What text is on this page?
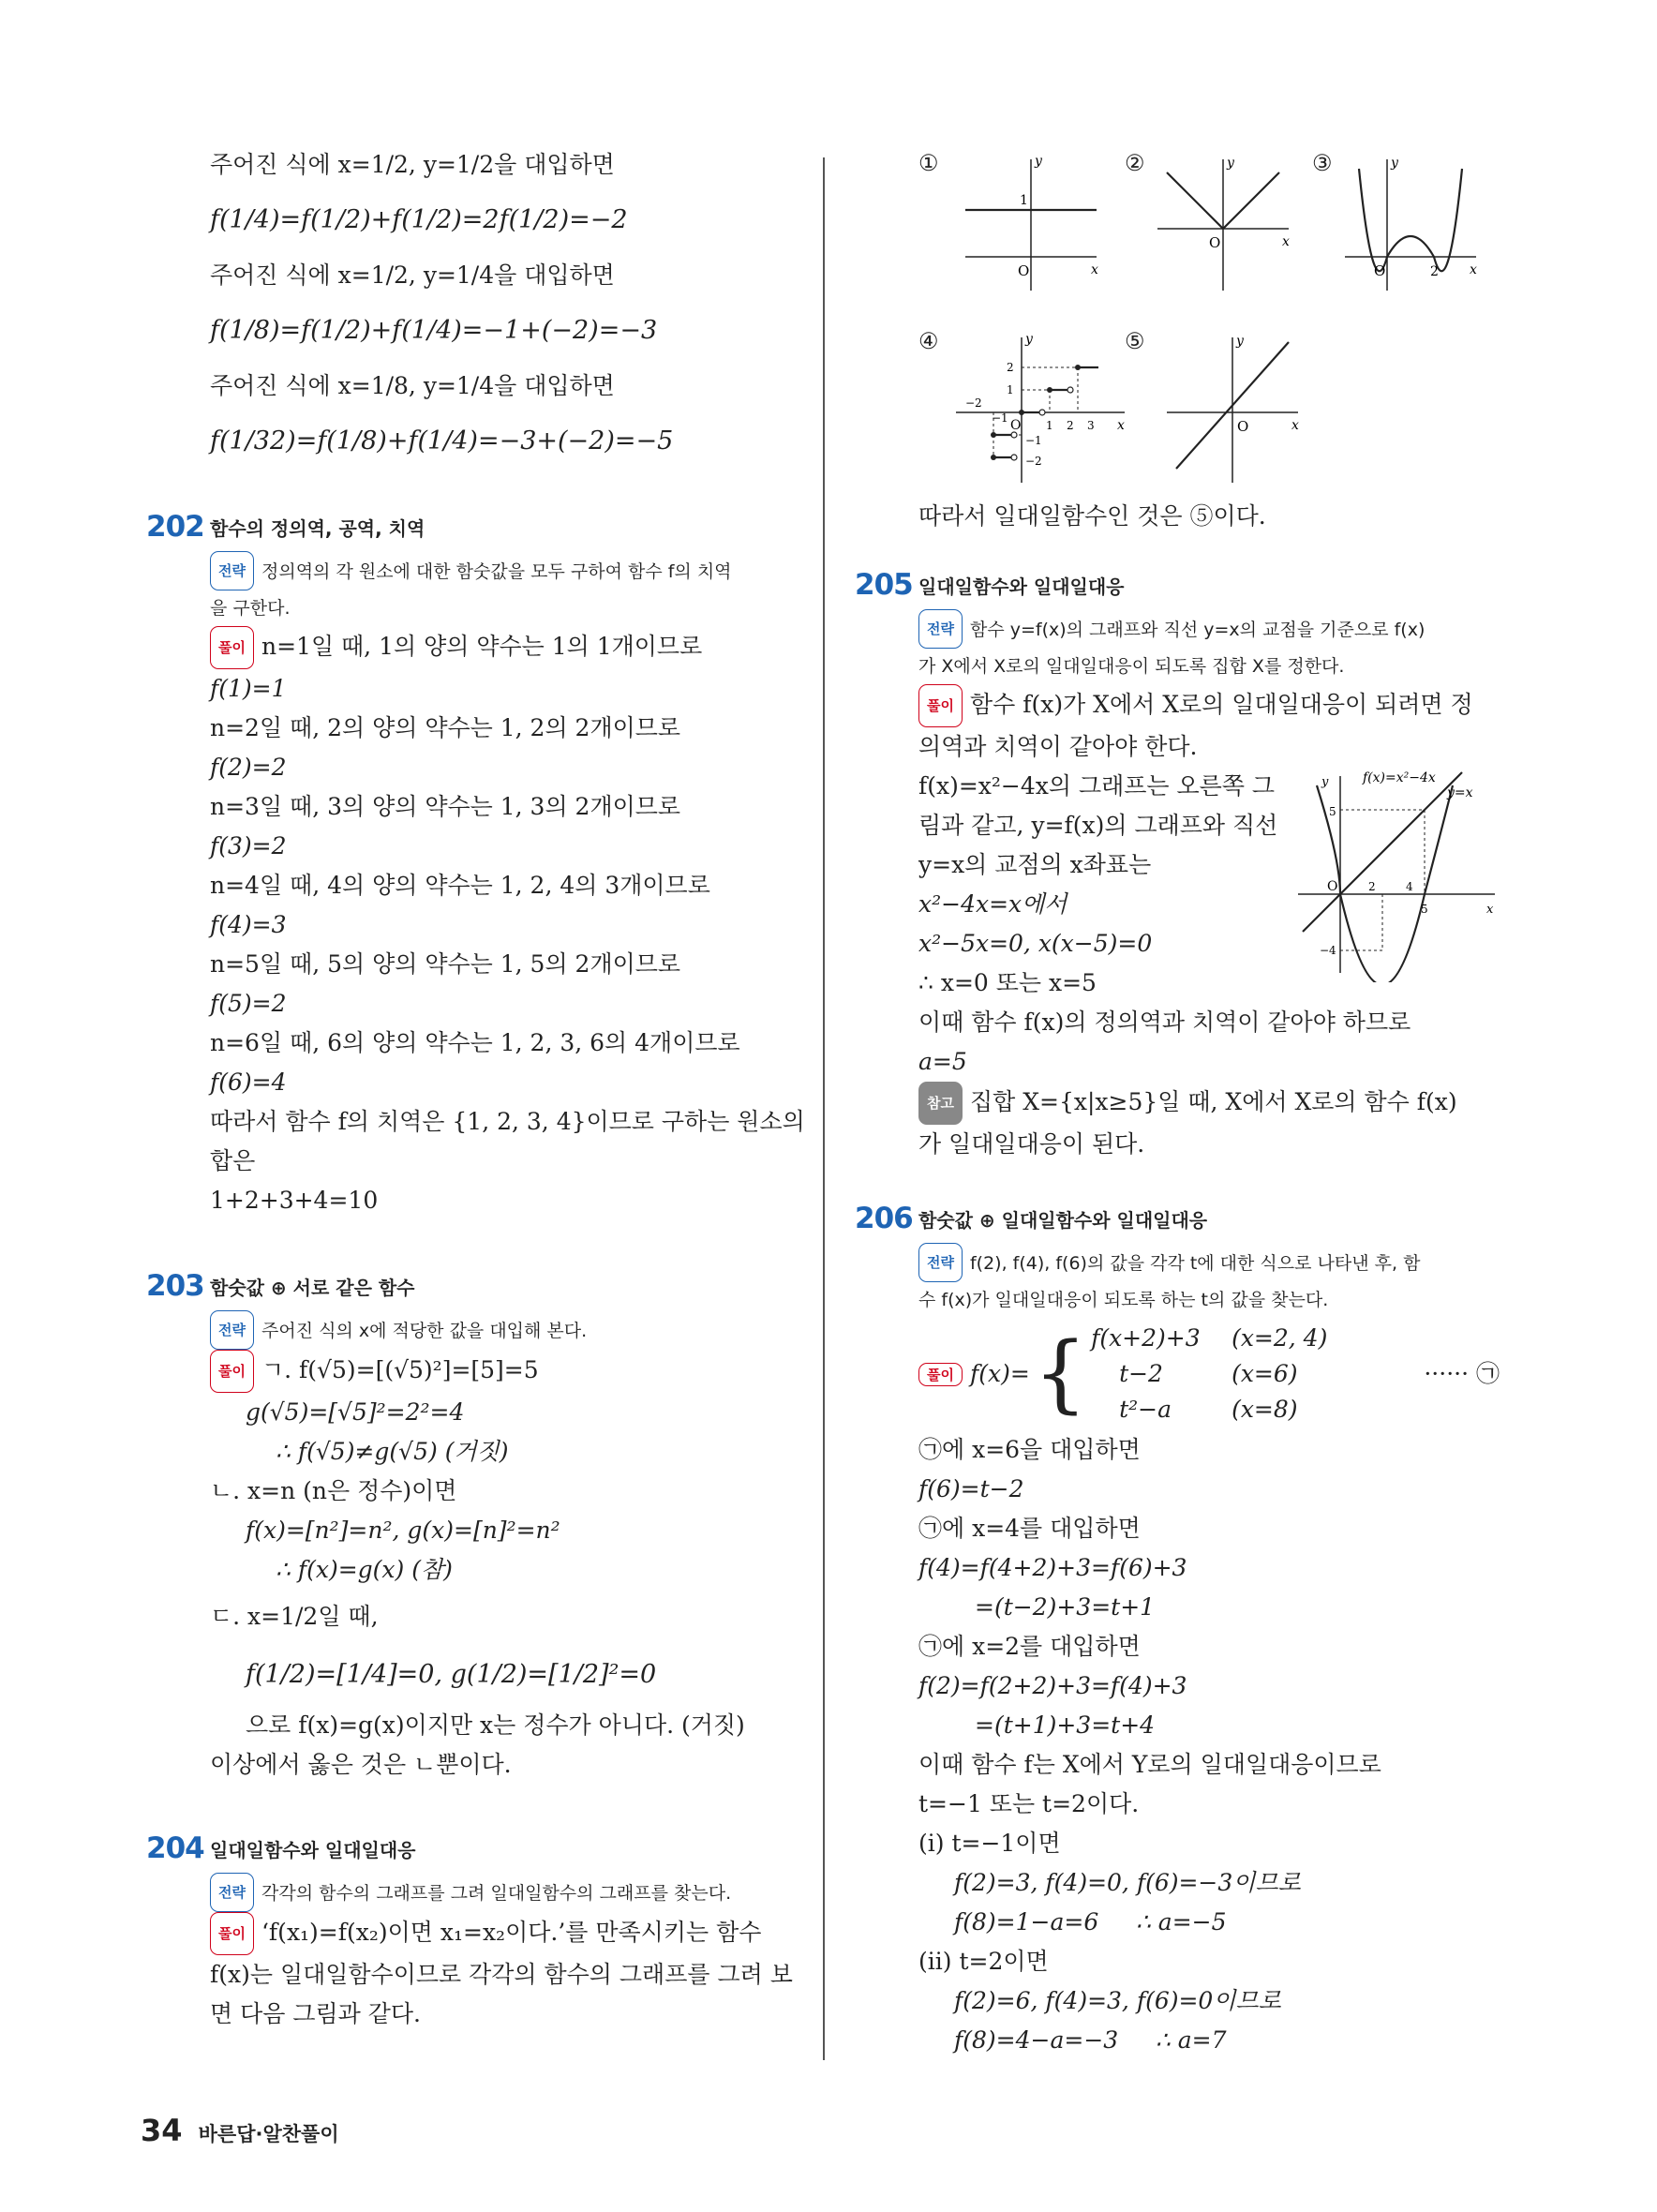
주어진 식에 x=1/2, y=1/2을 대입하면
f(1/4)=f(1/2)+f(1/2)=2f(1/2)=−2
주어진 식에 x=1/2, y=1/4을 대입하면
f(1/8)=f(1/2)+f(1/4)=−1+(−2)=−3
주어진 식에 x=1/8, y=1/4을 대입하면
f(1/32)=f(1/8)+f(1/4)=−3+(−2)=−5
202 함수의 정의역, 공역, 치역
전략 정의역의 각 원소에 대한 함숫값을 모두 구하여 함수 f의 치역
을 구한다.
풀이 n=1일 때, 1의 양의 약수는 1의 1개이므로
f(1)=1
n=2일 때, 2의 양의 약수는 1, 2의 2개이므로
f(2)=2
n=3일 때, 3의 양의 약수는 1, 3의 2개이므로
f(3)=2
n=4일 때, 4의 양의 약수는 1, 2, 4의 3개이므로
f(4)=3
n=5일 때, 5의 양의 약수는 1, 5의 2개이므로
f(5)=2
n=6일 때, 6의 양의 약수는 1, 2, 3, 6의 4개이므로
f(6)=4
따라서 함수 f의 치역은 {1, 2, 3, 4}이므로 구하는 원소의
합은
1+2+3+4=10
203 함숫값 ⊕ 서로 같은 함수
전략 주어진 식의 x에 적당한 값을 대입해 본다.
풀이 ㄱ. f(√5)=[(√5)²]=[5]=5
g(√5)=[√5]²=2²=4
∴ f(√5)≠g(√5) (거짓)
ㄴ. x=n (n은 정수)이면
f(x)=[n²]=n², g(x)=[n]²=n²
∴ f(x)=g(x) (참)
ㄷ. x=1/2일 때,
f(1/2)=[1/4]=0, g(1/2)=[1/2]²=0
으로 f(x)=g(x)이지만 x는 정수가 아니다. (거짓)
이상에서 옳은 것은 ㄴ뿐이다.
204 일대일함수와 일대일대응
전략 각각의 함수의 그래프를 그려 일대일함수의 그래프를 찾는다.
풀이 ‘f(x₁)=f(x₂)이면 x₁=x₂이다.’를 만족시키는 함수
f(x)는 일대일함수이므로 각각의 함수의 그래프를 그려 보
면 다음 그림과 같다.
①	②	③
④	⑤
y
x
O
1
y
x
O
y
x
O	2
y
x
O
−2
−1
1 2 3
2
1
−1
−2
y
x
O
따라서 일대일함수인 것은 ⑤이다.
205 일대일함수와 일대일대응
전략 함수 y=f(x)의 그래프와 직선 y=x의 교점을 기준으로 f(x)
가 X에서 X로의 일대일대응이 되도록 집합 X를 정한다.
풀이 함수 f(x)가 X에서 X로의 일대일대응이 되려면 정
의역과 치역이 같아야 한다.
f(x)=x²−4x의 그래프는 오른쪽 그
림과 같고, y=f(x)의 그래프와 직선
y=x의 교점의 x좌표는
x²−4x=x에서
x²−5x=0, x(x−5)=0
∴ x=0 또는 x=5
y
x
O
f(x)=x²−4x
y=x
5
2	4
5
−4
이때 함수 f(x)의 정의역과 치역이 같아야 하므로
a=5
참고 집합 X={x|x≥5}일 때, X에서 X로의 함수 f(x)
가 일대일대응이 된다.
206 함숫값 ⊕ 일대일함수와 일대일대응
전략 f(2), f(4), f(6)의 값을 각각 t에 대한 식으로 나타낸 후, 함
수 f(x)가 일대일대응이 되도록 하는 t의 값을 찾는다.
풀이 f(x)= { f(x+2)+3 (x=2, 4)
t−2	(x=6)
t²−a	(x=8)
······ ㉠
㉠에 x=6을 대입하면
f(6)=t−2
㉠에 x=4를 대입하면
f(4)=f(4+2)+3=f(6)+3
=(t−2)+3=t+1
㉠에 x=2를 대입하면
f(2)=f(2+2)+3=f(4)+3
=(t+1)+3=t+4
이때 함수 f는 X에서 Y로의 일대일대응이므로
t=−1 또는 t=2이다.
(i) t=−1이면
f(2)=3, f(4)=0, f(6)=−3이므로
f(8)=1−a=6     ∴ a=−5
(ii) t=2이면
f(2)=6, f(4)=3, f(6)=0이므로
f(8)=4−a=−3     ∴ a=7
34 바른답·알찬풀이
